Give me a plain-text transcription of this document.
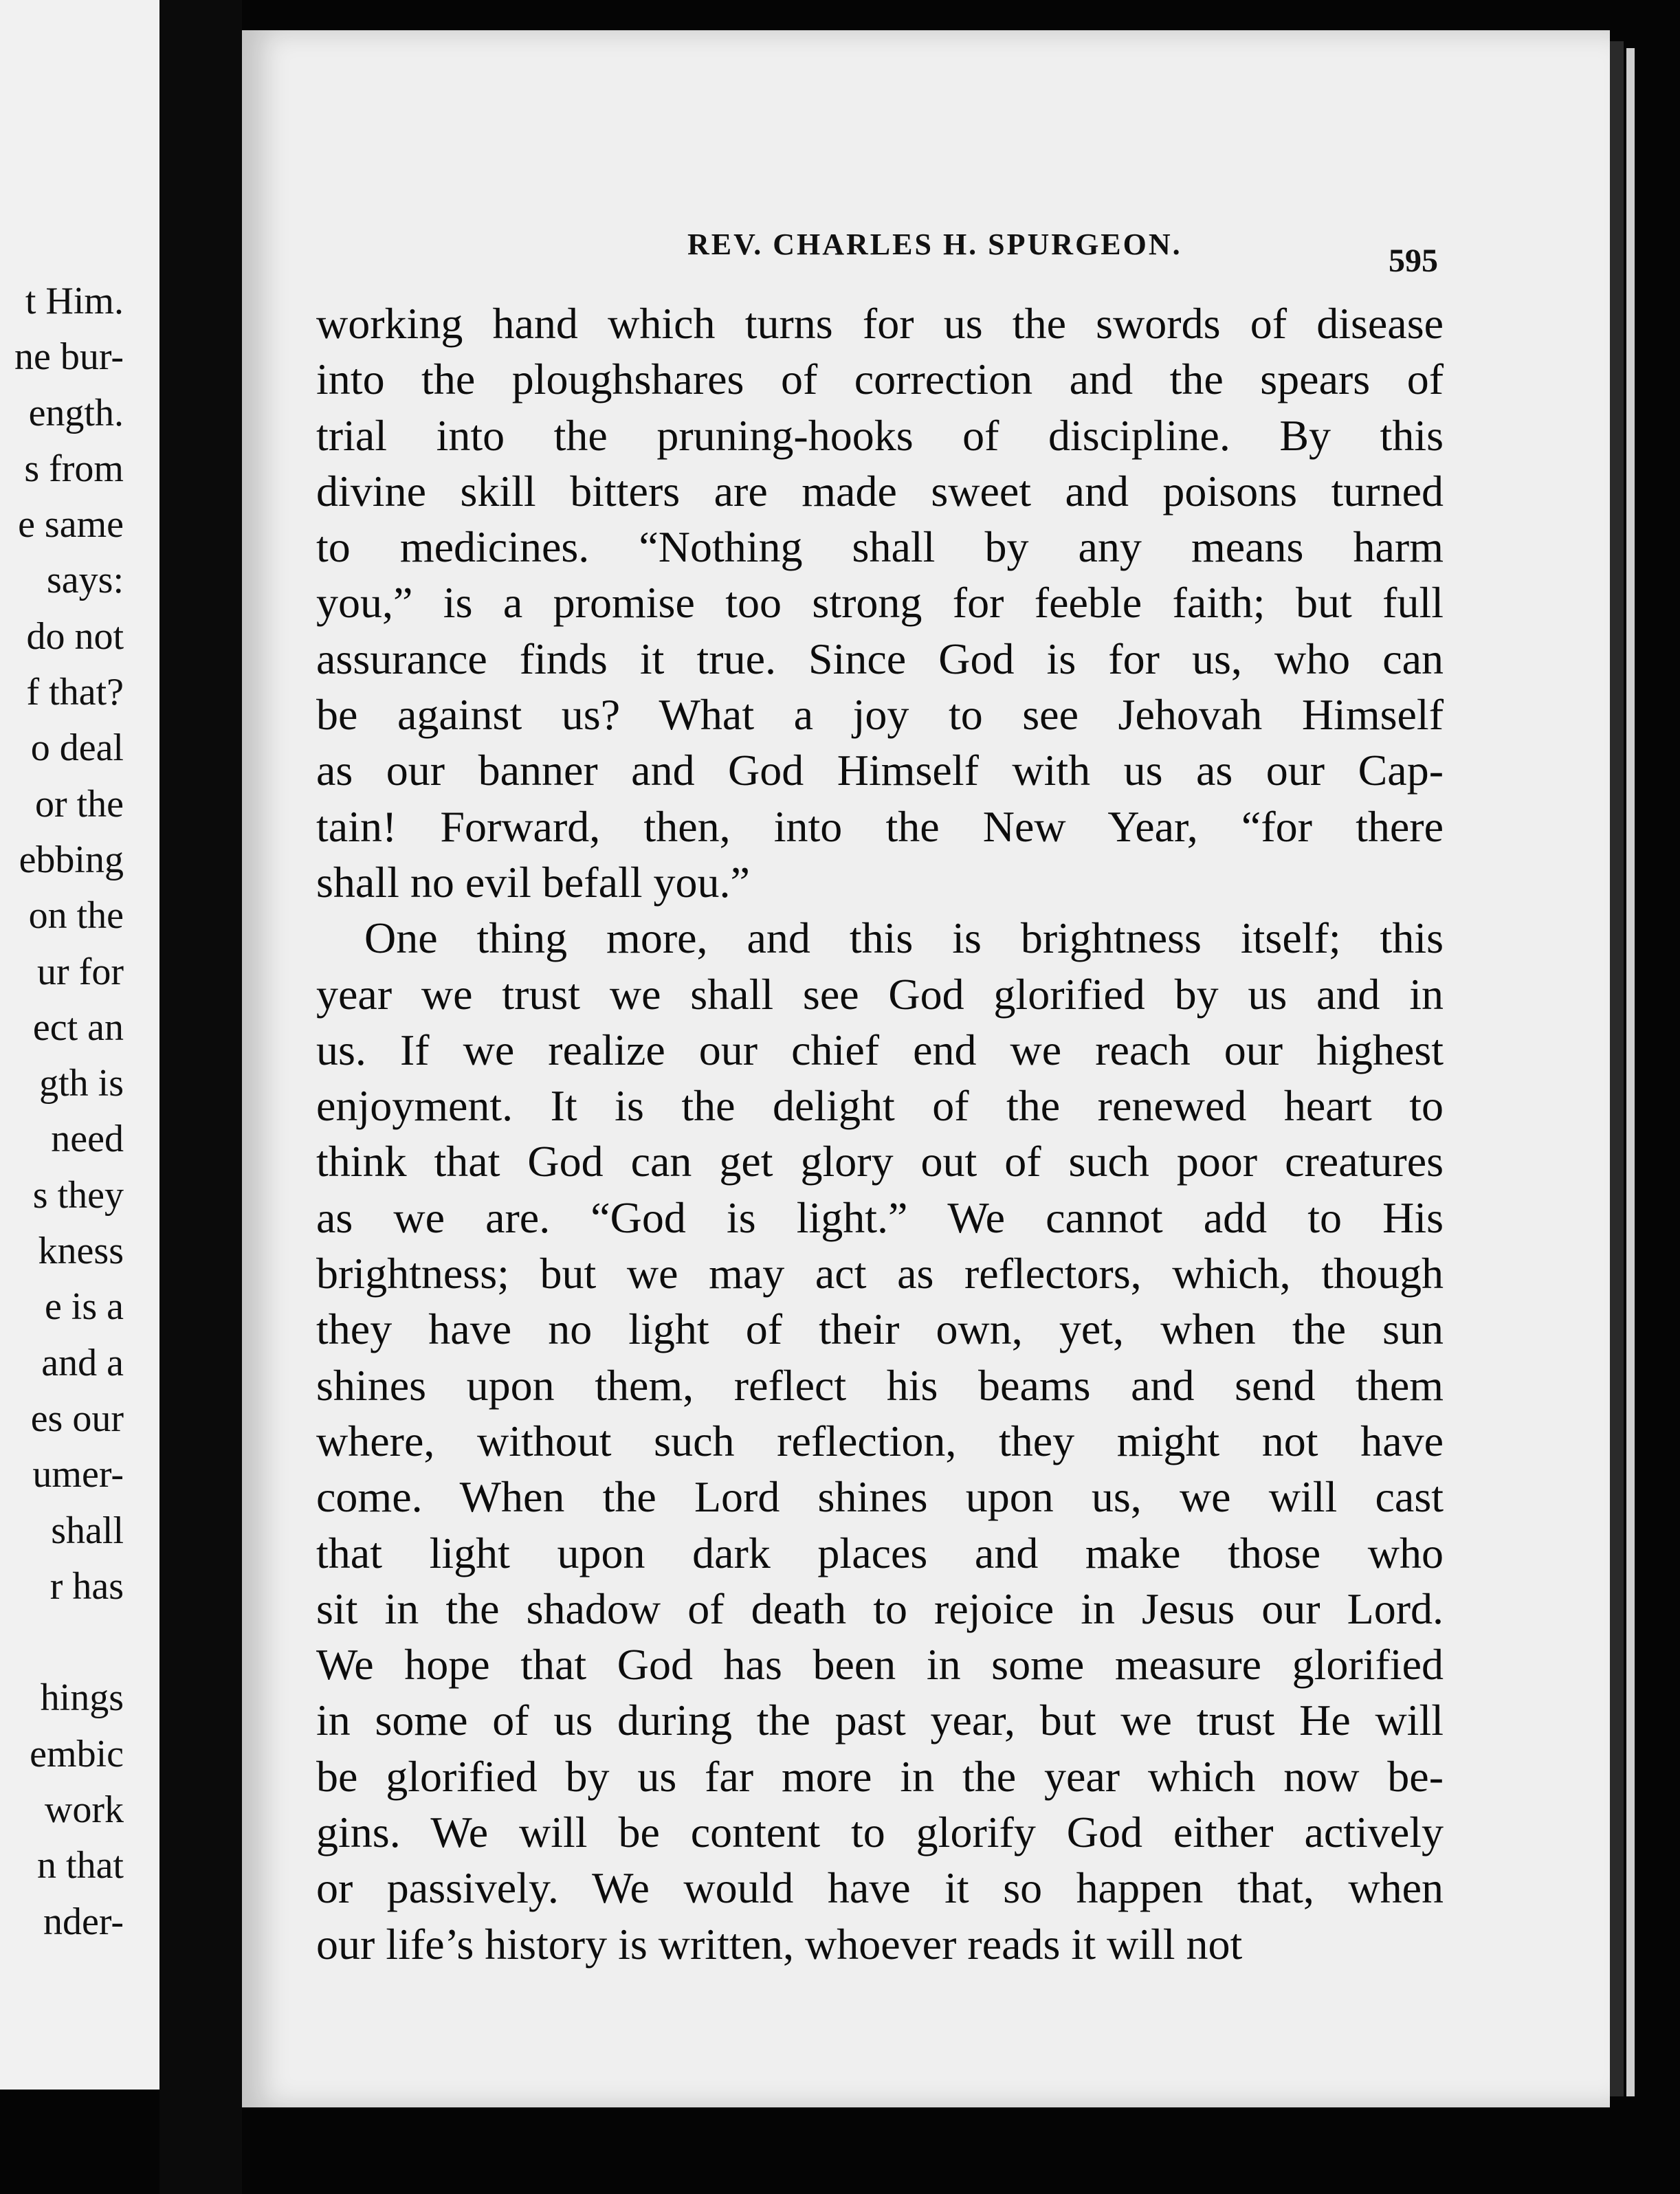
t Him.
ne bur-
ength.
s from
e same
says:
do not
f that?
o deal
or the
ebbing
on the
ur for
ect an
gth is
need
s they
kness
e is a
and a
es our
umer-
shall
r has
hings
embic
work
n that
nder-
REV. CHARLES H. SPURGEON.	595
working hand which turns for us the swords of disease
into the ploughshares of correction and the spears of
trial into the pruning-hooks of discipline. By this
divine skill bitters are made sweet and poisons turned
to medicines. “Nothing shall by any means harm
you,” is a promise too strong for feeble faith; but full
assurance finds it true. Since God is for us, who can
be against us? What a joy to see Jehovah Himself
as our banner and God Himself with us as our Cap-
tain! Forward, then, into the New Year, “for there
shall no evil befall you.”
One thing more, and this is brightness itself; this
year we trust we shall see God glorified by us and in
us. If we realize our chief end we reach our highest
enjoyment. It is the delight of the renewed heart to
think that God can get glory out of such poor creatures
as we are. “God is light.” We cannot add to His
brightness; but we may act as reflectors, which, though
they have no light of their own, yet, when the sun
shines upon them, reflect his beams and send them
where, without such reflection, they might not have
come. When the Lord shines upon us, we will cast
that light upon dark places and make those who
sit in the shadow of death to rejoice in Jesus our Lord.
We hope that God has been in some measure glorified
in some of us during the past year, but we trust He will
be glorified by us far more in the year which now be-
gins. We will be content to glorify God either actively
or passively. We would have it so happen that, when
our life’s history is written, whoever reads it will not
